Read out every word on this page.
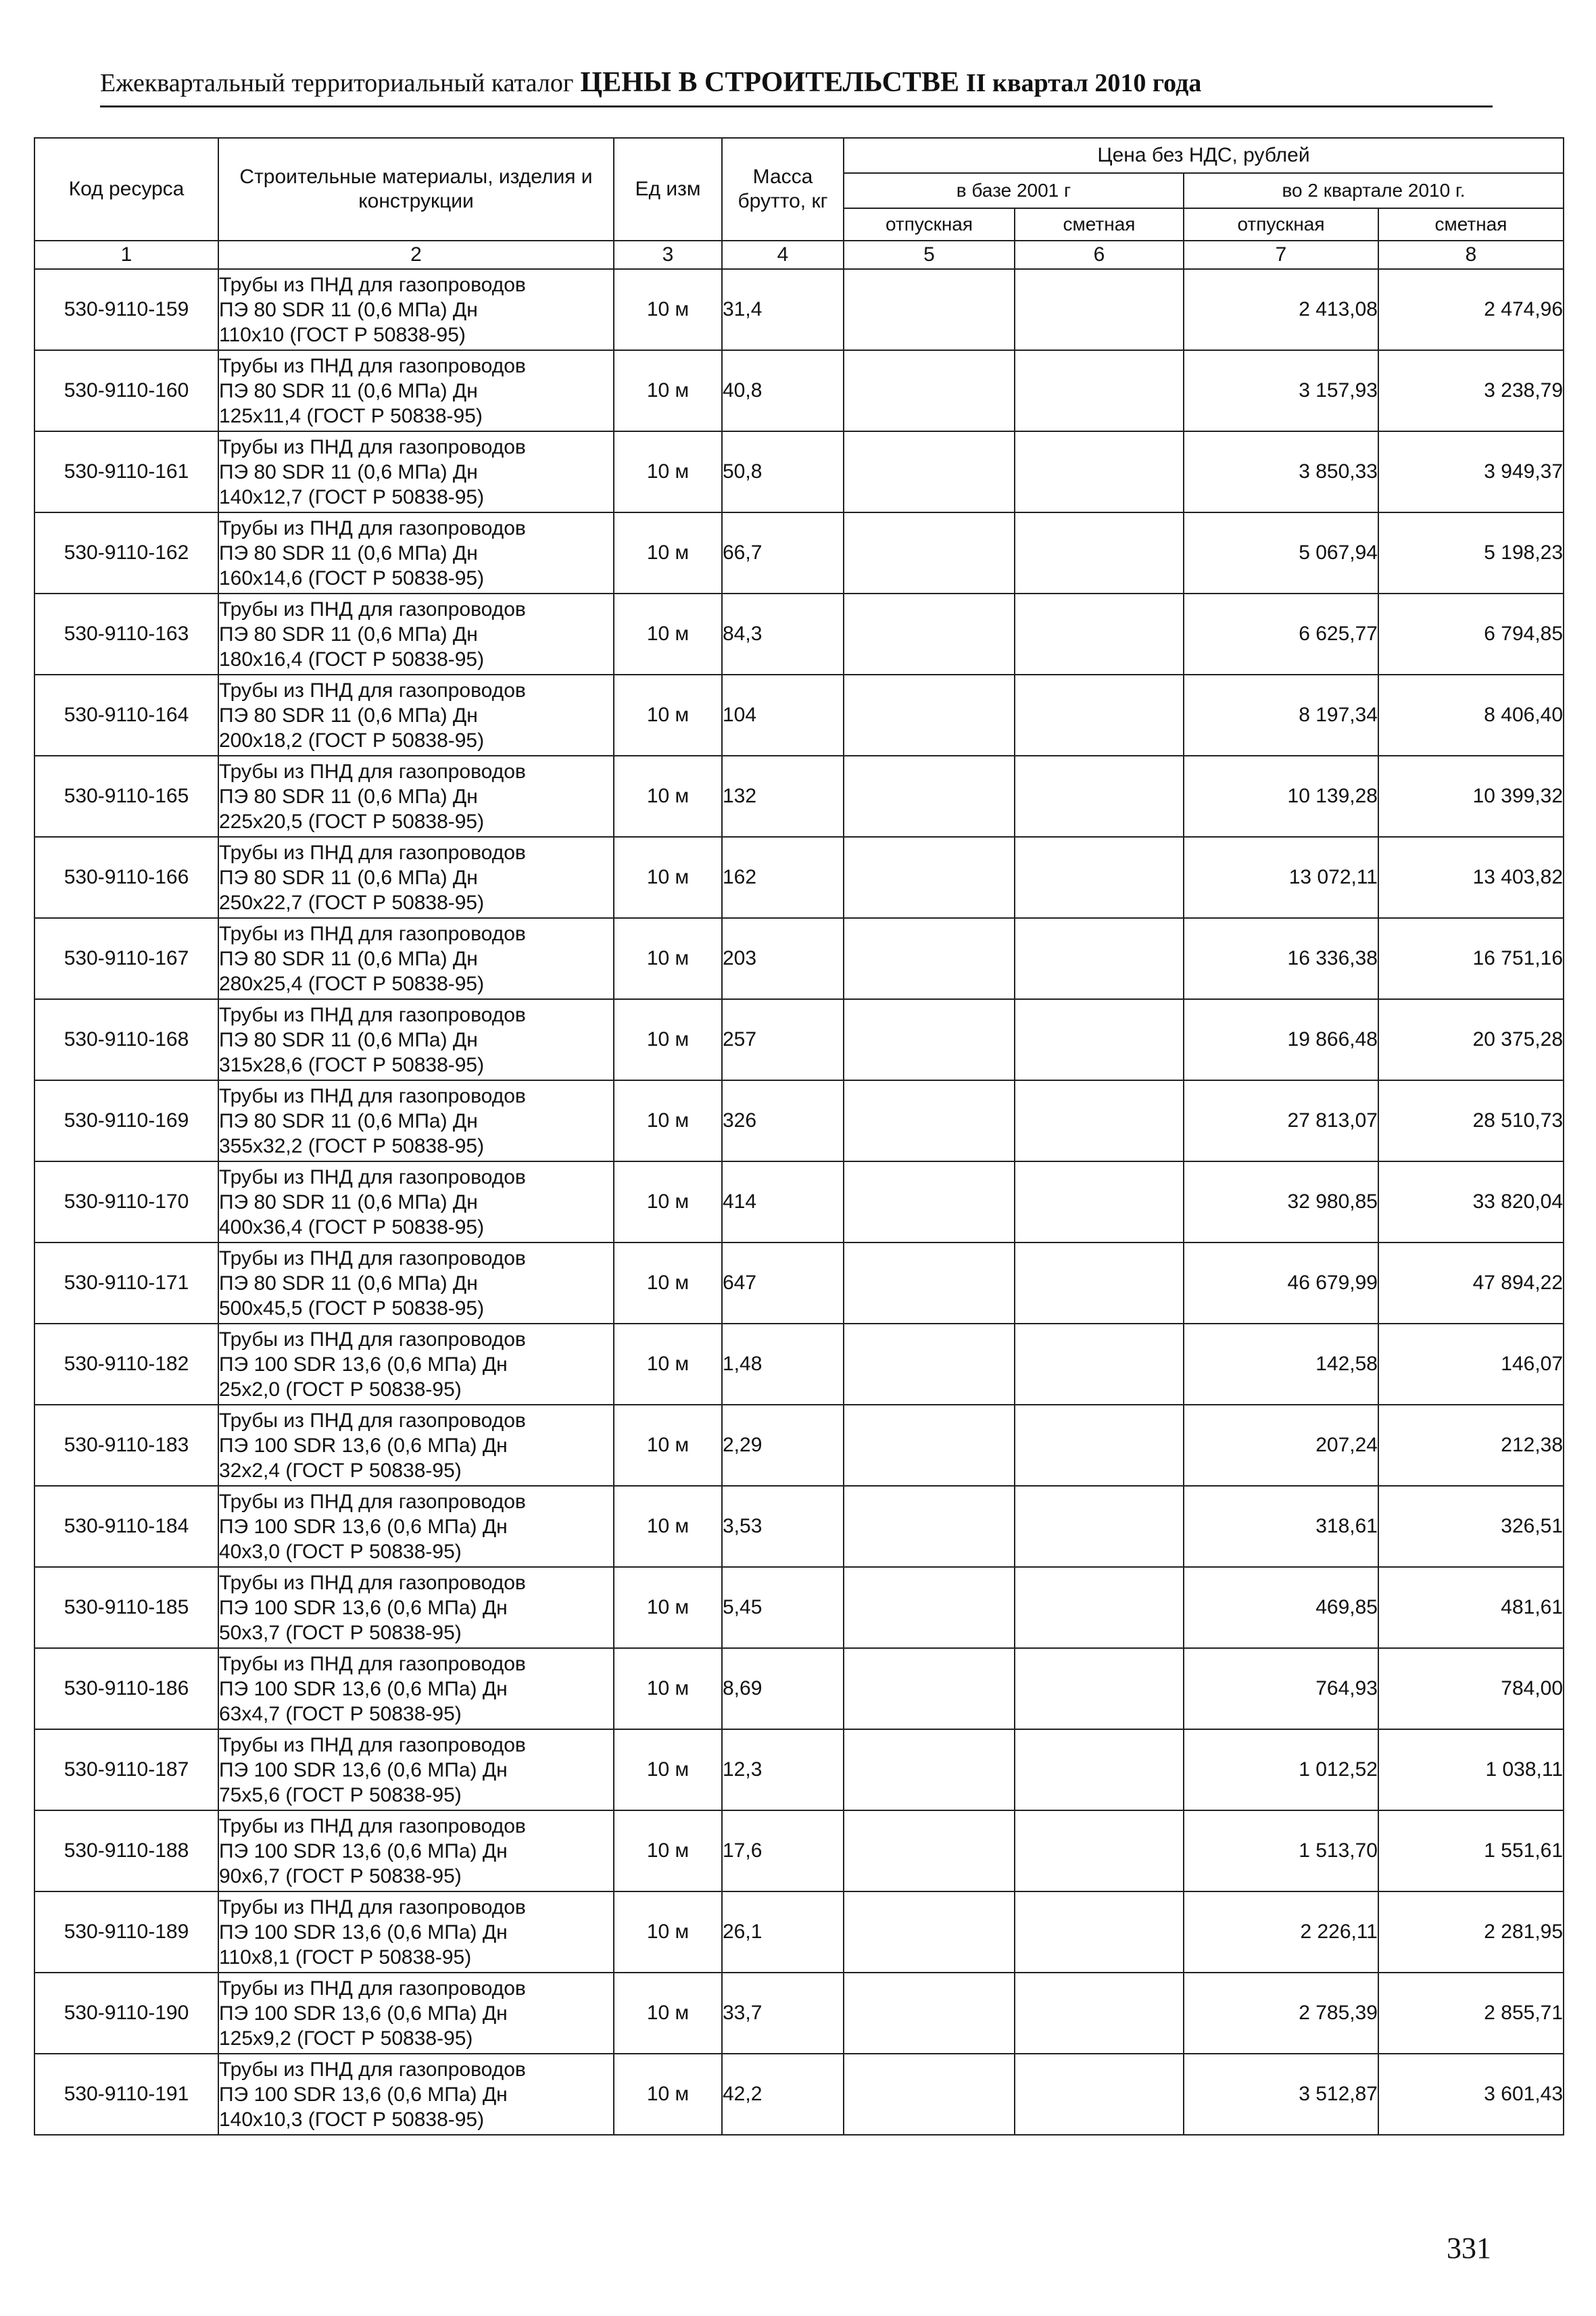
Ежеквартальный территориальный каталог ЦЕНЫ В СТРОИТЕЛЬСТВЕ II квартал 2010 года
Код ресурса	Строительные материалы, изделия и конструкции	Ед изм	Масса брутто, кг	Цена без НДС, рублей			
				в базе 2001 г		во 2 квартале 2010 г.	
				отпускная	сметная	отпускная	сметная
1	2	3	4	5	6	7	8
530-9110-159	Трубы из ПНД для газопроводов
ПЭ 80 SDR 11 (0,6 МПа) Дн
110х10 (ГОСТ Р 50838-95)	10 м	31,4			2 413,08	2 474,96
530-9110-160	Трубы из ПНД для газопроводов
ПЭ 80 SDR 11 (0,6 МПа) Дн
125х11,4 (ГОСТ Р 50838-95)	10 м	40,8			3 157,93	3 238,79
530-9110-161	Трубы из ПНД для газопроводов
ПЭ 80 SDR 11 (0,6 МПа) Дн
140х12,7 (ГОСТ Р 50838-95)	10 м	50,8			3 850,33	3 949,37
530-9110-162	Трубы из ПНД для газопроводов
ПЭ 80 SDR 11 (0,6 МПа) Дн
160х14,6 (ГОСТ Р 50838-95)	10 м	66,7			5 067,94	5 198,23
530-9110-163	Трубы из ПНД для газопроводов
ПЭ 80 SDR 11 (0,6 МПа) Дн
180х16,4 (ГОСТ Р 50838-95)	10 м	84,3			6 625,77	6 794,85
530-9110-164	Трубы из ПНД для газопроводов
ПЭ 80 SDR 11 (0,6 МПа) Дн
200х18,2 (ГОСТ Р 50838-95)	10 м	104			8 197,34	8 406,40
530-9110-165	Трубы из ПНД для газопроводов
ПЭ 80 SDR 11 (0,6 МПа) Дн
225х20,5 (ГОСТ Р 50838-95)	10 м	132			10 139,28	10 399,32
530-9110-166	Трубы из ПНД для газопроводов
ПЭ 80 SDR 11 (0,6 МПа) Дн
250х22,7 (ГОСТ Р 50838-95)	10 м	162			13 072,11	13 403,82
530-9110-167	Трубы из ПНД для газопроводов
ПЭ 80 SDR 11 (0,6 МПа) Дн
280х25,4 (ГОСТ Р 50838-95)	10 м	203			16 336,38	16 751,16
530-9110-168	Трубы из ПНД для газопроводов
ПЭ 80 SDR 11 (0,6 МПа) Дн
315х28,6 (ГОСТ Р 50838-95)	10 м	257			19 866,48	20 375,28
530-9110-169	Трубы из ПНД для газопроводов
ПЭ 80 SDR 11 (0,6 МПа) Дн
355х32,2 (ГОСТ Р 50838-95)	10 м	326			27 813,07	28 510,73
530-9110-170	Трубы из ПНД для газопроводов
ПЭ 80 SDR 11 (0,6 МПа) Дн
400х36,4 (ГОСТ Р 50838-95)	10 м	414			32 980,85	33 820,04
530-9110-171	Трубы из ПНД для газопроводов
ПЭ 80 SDR 11 (0,6 МПа) Дн
500х45,5 (ГОСТ Р 50838-95)	10 м	647			46 679,99	47 894,22
530-9110-182	Трубы из ПНД для газопроводов
ПЭ 100 SDR 13,6 (0,6 МПа) Дн
25х2,0 (ГОСТ Р 50838-95)	10 м	1,48			142,58	146,07
530-9110-183	Трубы из ПНД для газопроводов
ПЭ 100 SDR 13,6 (0,6 МПа) Дн
32х2,4 (ГОСТ Р 50838-95)	10 м	2,29			207,24	212,38
530-9110-184	Трубы из ПНД для газопроводов
ПЭ 100 SDR 13,6 (0,6 МПа) Дн
40х3,0 (ГОСТ Р 50838-95)	10 м	3,53			318,61	326,51
530-9110-185	Трубы из ПНД для газопроводов
ПЭ 100 SDR 13,6 (0,6 МПа) Дн
50х3,7 (ГОСТ Р 50838-95)	10 м	5,45			469,85	481,61
530-9110-186	Трубы из ПНД для газопроводов
ПЭ 100 SDR 13,6 (0,6 МПа) Дн
63х4,7 (ГОСТ Р 50838-95)	10 м	8,69			764,93	784,00
530-9110-187	Трубы из ПНД для газопроводов
ПЭ 100 SDR 13,6 (0,6 МПа) Дн
75х5,6 (ГОСТ Р 50838-95)	10 м	12,3			1 012,52	1 038,11
530-9110-188	Трубы из ПНД для газопроводов
ПЭ 100 SDR 13,6 (0,6 МПа) Дн
90х6,7 (ГОСТ Р 50838-95)	10 м	17,6			1 513,70	1 551,61
530-9110-189	Трубы из ПНД для газопроводов
ПЭ 100 SDR 13,6 (0,6 МПа) Дн
110х8,1 (ГОСТ Р 50838-95)	10 м	26,1			2 226,11	2 281,95
530-9110-190	Трубы из ПНД для газопроводов
ПЭ 100 SDR 13,6 (0,6 МПа) Дн
125х9,2 (ГОСТ Р 50838-95)	10 м	33,7			2 785,39	2 855,71
530-9110-191	Трубы из ПНД для газопроводов
ПЭ 100 SDR 13,6 (0,6 МПа) Дн
140х10,3 (ГОСТ Р 50838-95)	10 м	42,2			3 512,87	3 601,43
331
